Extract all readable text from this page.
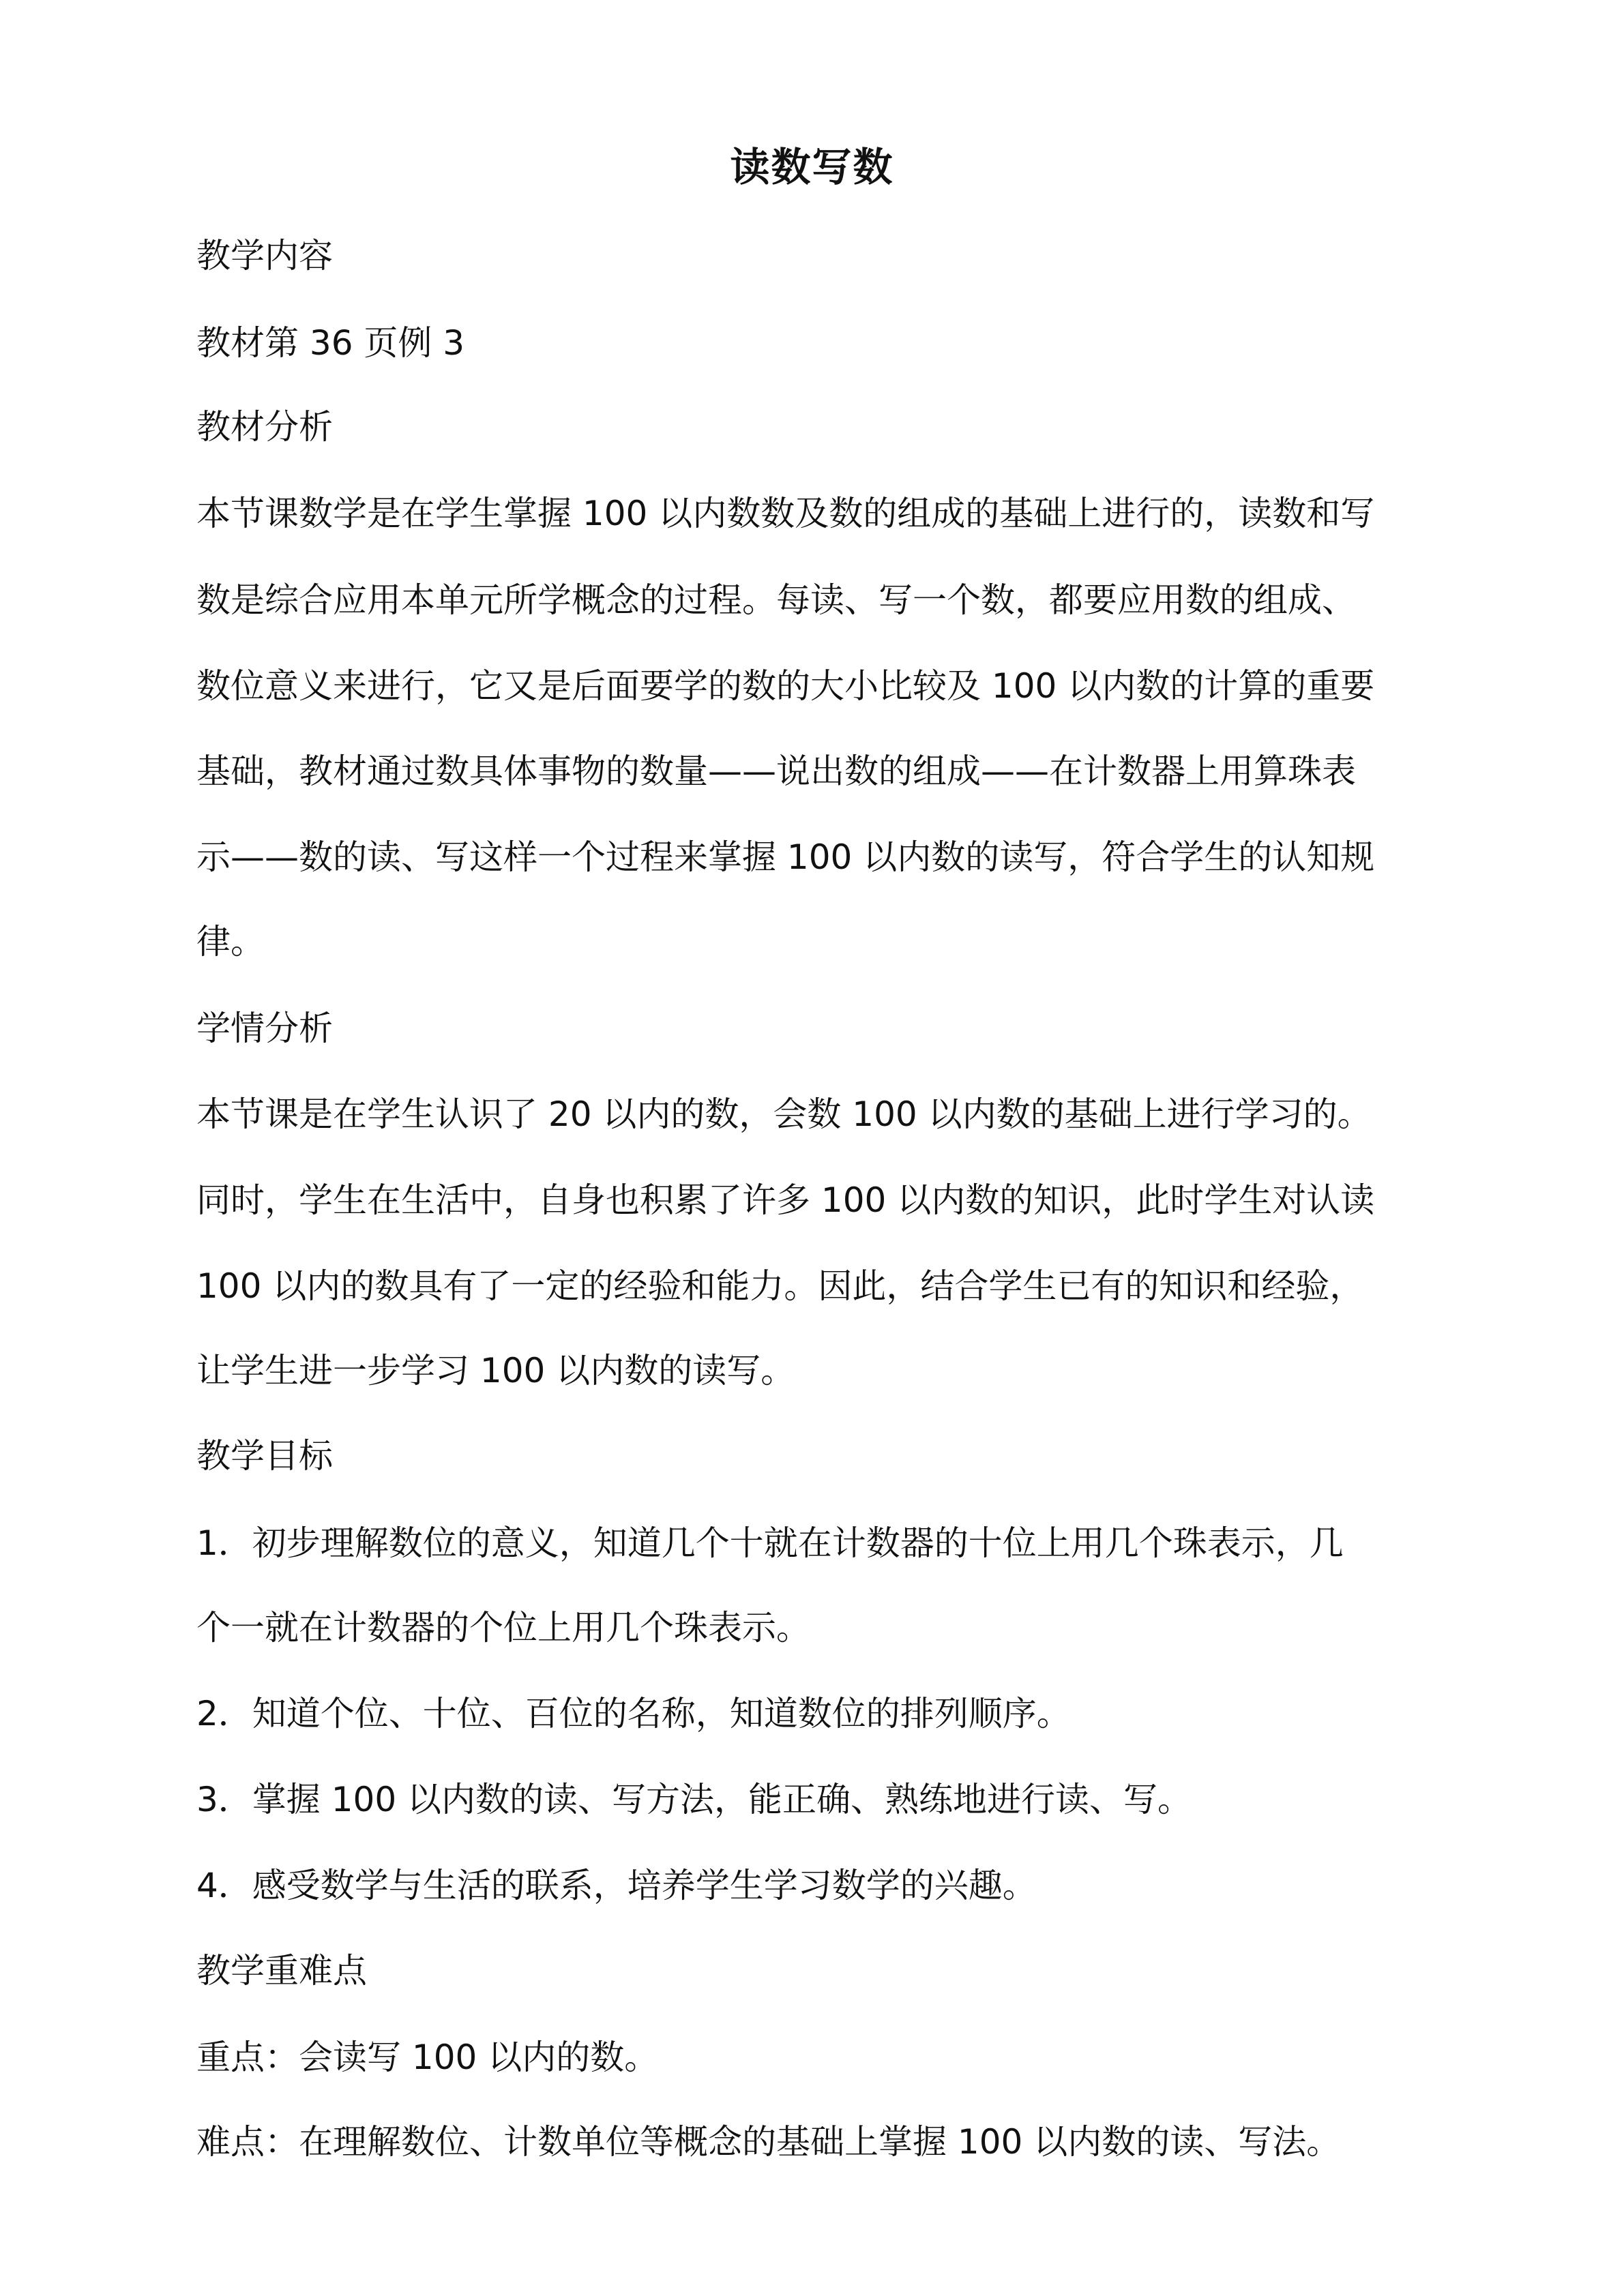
读数写数
教学内容
教材第 36 页例 3
教材分析
本节课数学是在学生掌握 100 以内数数及数的组成的基础上进行的，读数和写
数是综合应用本单元所学概念的过程。每读、写一个数，都要应用数的组成、
数位意义来进行，它又是后面要学的数的大小比较及 100 以内数的计算的重要
基础，教材通过数具体事物的数量——说出数的组成——在计数器上用算珠表
示——数的读、写这样一个过程来掌握 100 以内数的读写，符合学生的认知规
律。
学情分析
本节课是在学生认识了 20 以内的数，会数 100 以内数的基础上进行学习的。
同时，学生在生活中，自身也积累了许多 100 以内数的知识，此时学生对认读
100 以内的数具有了一定的经验和能力。因此，结合学生已有的知识和经验，
让学生进一步学习 100 以内数的读写。
教学目标
1．初步理解数位的意义，知道几个十就在计数器的十位上用几个珠表示，几
个一就在计数器的个位上用几个珠表示。
2．知道个位、十位、百位的名称，知道数位的排列顺序。
3．掌握 100 以内数的读、写方法，能正确、熟练地进行读、写。
4．感受数学与生活的联系，培养学生学习数学的兴趣。
教学重难点
重点：会读写 100 以内的数。
难点：在理解数位、计数单位等概念的基础上掌握 100 以内数的读、写法。
